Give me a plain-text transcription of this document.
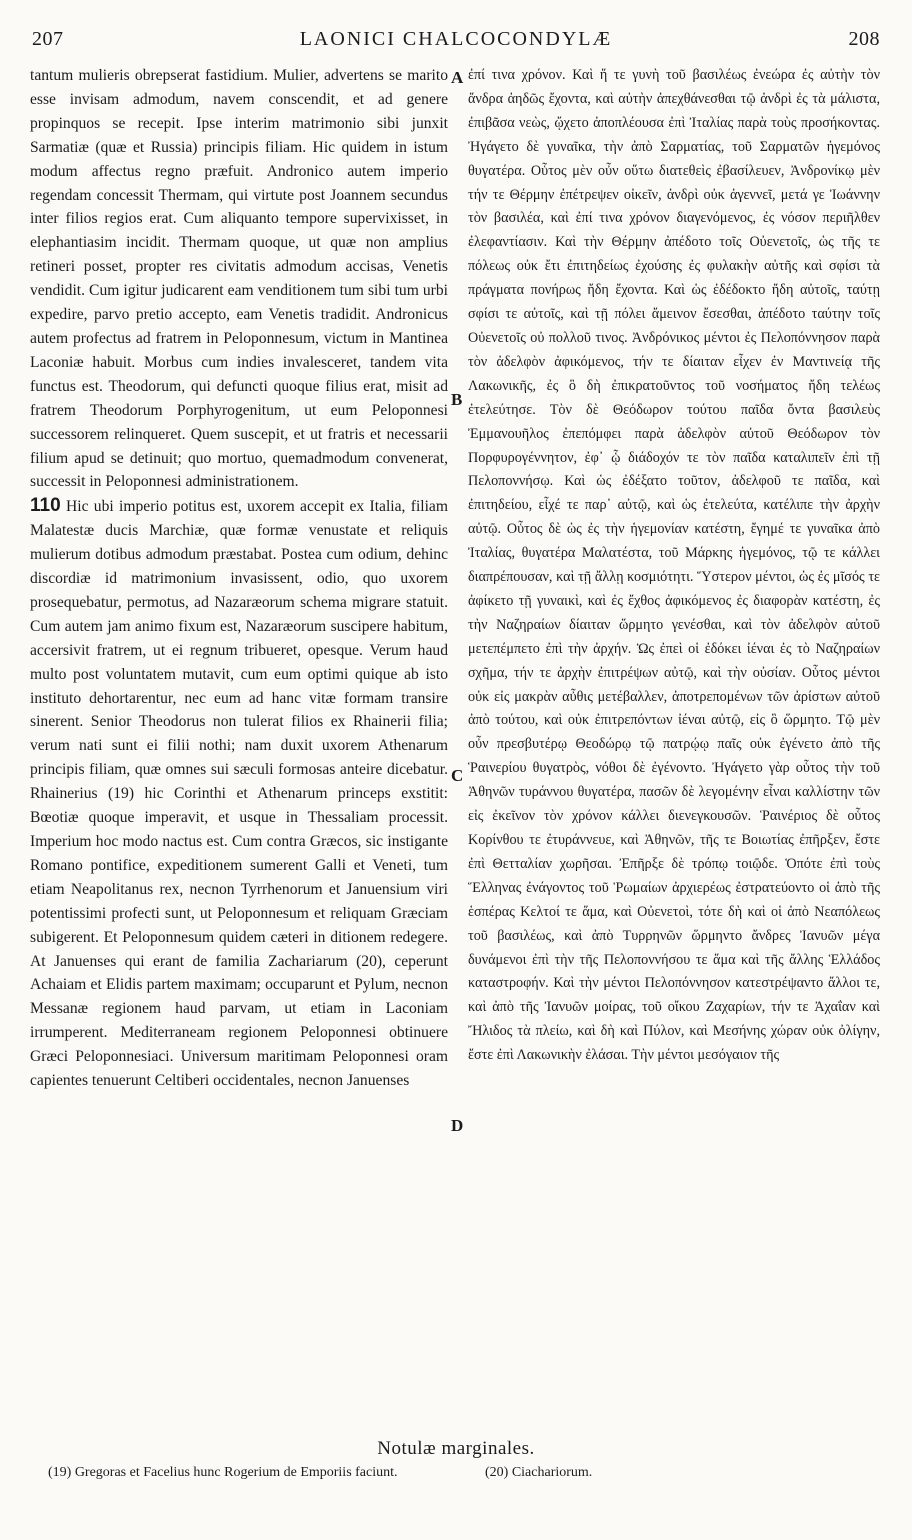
207	LAONICI CHALCOCONDYLÆ	208

tantum mulieris obrepserat fastidium. Mulier, advertens se marito esse invisam admodum, navem conscendit, et ad genere propinquos se recepit. Ipse interim matrimonio sibi junxit Sarmatiæ (quæ et Russia) principis filiam. Hic quidem in istum modum affectus regno præfuit. Andronico autem imperio regendam concessit Thermam, qui virtute post Joannem secundus inter filios regios erat. Cum aliquanto tempore supervixisset, in elephantiasim incidit. Thermam quoque, ut quæ non amplius retineri posset, propter res civitatis admodum accisas, Venetis vendidit. Cum igitur judicarent eam venditionem tum sibi tum urbi expedire, parvo pretio accepto, eam Venetis tradidit. Andronicus autem profectus ad fratrem in Peloponnesum, victum in Mantinea Laconiæ habuit. Morbus cum indies invalesceret, tandem vita functus est. Theodorum, qui defuncti quoque filius erat, misit ad fratrem Theodorum Porphyrogenitum, ut eum Peloponnesi successorem relinqueret. Quem suscepit, et ut fratris et necessarii filium apud se detinuit; quo mortuo, quemadmodum convenerat, successit in Peloponnesi administrationem.

110 Hic ubi imperio potitus est, uxorem accepit ex Italia, filiam Malatestæ ducis Marchiæ, quæ formæ venustate et reliquis mulierum dotibus admodum præstabat. Postea cum odium, dehinc discordiæ id matrimonium invasissent, odio, quo uxorem prosequebatur, permotus, ad Nazaræorum schema migrare statuit. Cum autem jam animo fixum est, Nazaræorum suscipere habitum, accersivit fratrem, ut ei regnum tribueret, opesque. Verum haud multo post voluntatem mutavit, cum eum optimi quique ab isto instituto dehortarentur, nec eum ad hanc vitæ formam transire sinerent. Senior Theodorus non tulerat filios ex Rhainerii filia; verum nati sunt ei filii nothi; nam duxit uxorem Athenarum principis filiam, quæ omnes sui sæculi formosas anteire dicebatur. Rhainerius (19) hic Corinthi et Athenarum princeps exstitit: Bœotiæ quoque imperavit, et usque in Thessaliam processit. Imperium hoc modo nactus est. Cum contra Græcos, sic instigante Romano pontifice, expeditionem sumerent Galli et Veneti, tum etiam Neapolitanus rex, necnon Tyrrhenorum et Januensium viri potentissimi profecti sunt, ut Peloponnesum et reliquam Græciam subigerent. Et Peloponnesum quidem cæteri in ditionem redegere. At Januenses qui erant de familia Zachariarum (20), ceperunt Achaiam et Elidis partem maximam; occuparunt et Pylum, necnon Messanæ regionem haud parvam, ut etiam in Laconiam irrumperent. Mediterraneam regionem Peloponnesi obtinuere Græci Peloponnesiaci. Universum maritimam Peloponnesi oram capientes tenuerunt Celtiberi occidentales, necnon Januenses

A
B
C
D

ἐπί τινα χρόνον. Καὶ ἥ τε γυνὴ τοῦ βασιλέως ἐνεώρα ἐς αὐτὴν τὸν ἄνδρα ἀηδῶς ἔχοντα, καὶ αὐτὴν ἀπεχθάνεσθαι τῷ ἀνδρὶ ἐς τὰ μάλιστα, ἐπιβᾶσα νεὼς, ᾤχετο ἀποπλέουσα ἐπὶ Ἰταλίας παρὰ τοὺς προσήκοντας. Ἠγάγετο δὲ γυναῖκα, τὴν ἀπὸ Σαρματίας, τοῦ Σαρματῶν ἡγεμόνος θυγατέρα. Οὗτος μὲν οὖν οὕτω διατεθεὶς ἐβασίλευεν, Ἀνδρονίκῳ μὲν τήν τε Θέρμην ἐπέτρεψεν οἰκεῖν, ἀνδρὶ οὐκ ἀγεννεῖ, μετά γε Ἰωάννην τὸν βασιλέα, καὶ ἐπί τινα χρόνον διαγενόμενος, ἐς νόσον περιῆλθεν ἐλεφαντίασιν. Καὶ τὴν Θέρμην ἀπέδοτο τοῖς Οὐενετοῖς, ὡς τῆς τε πόλεως οὐκ ἔτι ἐπιτηδείως ἐχούσης ἐς φυλακὴν αὐτῆς καὶ σφίσι τὰ πράγματα πονήρως ἤδη ἔχοντα. Καὶ ὡς ἐδέδοκτο ἤδη αὐτοῖς, ταύτῃ σφίσι τε αὐτοῖς, καὶ τῇ πόλει ἄμεινον ἔσεσθαι, ἀπέδοτο ταύτην τοῖς Οὐενετοῖς οὐ πολλοῦ τινος. Ἀνδρόνικος μέντοι ἐς Πελοπόννησον παρὰ τὸν ἀδελφὸν ἀφικόμενος, τήν τε δίαιταν εἶχεν ἐν Μαντινείᾳ τῆς Λακωνικῆς, ἐς ὃ δὴ ἐπικρατοῦντος τοῦ νοσήματος ἤδη τελέως ἐτελεύτησε. Τὸν δὲ Θεόδωρον τούτου παῖδα ὄντα βασιλεὺς Ἐμμανουῆλος ἐπεπόμφει παρὰ ἀδελφὸν αὐτοῦ Θεόδωρον τὸν Πορφυρογέννητον, ἐφ᾽ ᾧ διάδοχόν τε τὸν παῖδα καταλιπεῖν ἐπὶ τῇ Πελοποννήσῳ. Καὶ ὡς ἐδέξατο τοῦτον, ἀδελφοῦ τε παῖδα, καὶ ἐπιτηδείου, εἶχέ τε παρ᾽ αὐτῷ, καὶ ὡς ἐτελεύτα, κατέλιπε τὴν ἀρχὴν αὐτῷ. Οὗτος δὲ ὡς ἐς τὴν ἡγεμονίαν κατέστη, ἔγημέ τε γυναῖκα ἀπὸ Ἰταλίας, θυγατέρα Μαλατέστα, τοῦ Μάρκης ἡγεμόνος, τῷ τε κάλλει διαπρέπουσαν, καὶ τῇ ἄλλῃ κοσμιότητι. Ὕστερον μέντοι, ὡς ἐς μῖσός τε ἀφίκετο τῇ γυναικὶ, καὶ ἐς ἔχθος ἀφικόμενος ἐς διαφορὰν κατέστη, ἐς τὴν Ναζηραίων δίαιταν ὥρμητο γενέσθαι, καὶ τὸν ἀδελφὸν αὐτοῦ μετεπέμπετο ἐπὶ τὴν ἀρχήν. Ὡς ἐπεὶ οἱ ἐδόκει ἰέναι ἐς τὸ Ναζηραίων σχῆμα, τήν τε ἀρχὴν ἐπιτρέψων αὐτῷ, καὶ τὴν οὐσίαν. Οὗτος μέντοι οὐκ εἰς μακρὰν αὖθις μετέβαλλεν, ἀποτρεπομένων τῶν ἀρίστων αὐτοῦ ἀπὸ τούτου, καὶ οὐκ ἐπιτρεπόντων ἰέναι αὐτῷ, εἰς ὃ ὥρμητο. Τῷ μὲν οὖν πρεσβυτέρῳ Θεοδώρῳ τῷ πατρῴῳ παῖς οὐκ ἐγένετο ἀπὸ τῆς Ῥαινερίου θυγατρὸς, νόθοι δὲ ἐγένοντο. Ἠγάγετο γὰρ οὗτος τὴν τοῦ Ἀθηνῶν τυράννου θυγατέρα, πασῶν δὲ λεγομένην εἶναι καλλίστην τῶν εἰς ἐκεῖνον τὸν χρόνον κάλλει διενεγκουσῶν. Ῥαινέριος δὲ οὗτος Κορίνθου τε ἐτυράννευε, καὶ Ἀθηνῶν, τῆς τε Βοιωτίας ἐπῆρξεν, ἔστε ἐπὶ Θετταλίαν χωρῆσαι. Ἐπῆρξε δὲ τρόπῳ τοιῷδε. Ὁπότε ἐπὶ τοὺς Ἕλληνας ἐνάγοντος τοῦ Ῥωμαίων ἀρχιερέως ἐστρατεύοντο οἱ ἀπὸ τῆς ἑσπέρας Κελτοί τε ἅμα, καὶ Οὐενετοὶ, τότε δὴ καὶ οἱ ἀπὸ Νεαπόλεως τοῦ βασιλέως, καὶ ἀπὸ Τυρρηνῶν ὥρμηντο ἄνδρες Ἰανυῶν μέγα δυνάμενοι ἐπὶ τὴν τῆς Πελοποννήσου τε ἅμα καὶ τῆς ἄλλης Ἑλλάδος καταστροφήν. Καὶ τὴν μέντοι Πελοπόννησον κατεστρέψαντο ἄλλοι τε, καὶ ἀπὸ τῆς Ἰανυῶν μοίρας, τοῦ οἴκου Ζαχαρίων, τήν τε Ἀχαΐαν καὶ Ἤλιδος τὰ πλείω, καὶ δὴ καὶ Πύλον, καὶ Μεσήνης χώραν οὐκ ὀλίγην, ἔστε ἐπὶ Λακωνικὴν ἐλάσαι. Τὴν μέντοι μεσόγαιον τῆς

Notulæ marginales.
(19) Gregoras et Facelius hunc Rogerium de Emporiis faciunt.	(20) Ciachariorum.
